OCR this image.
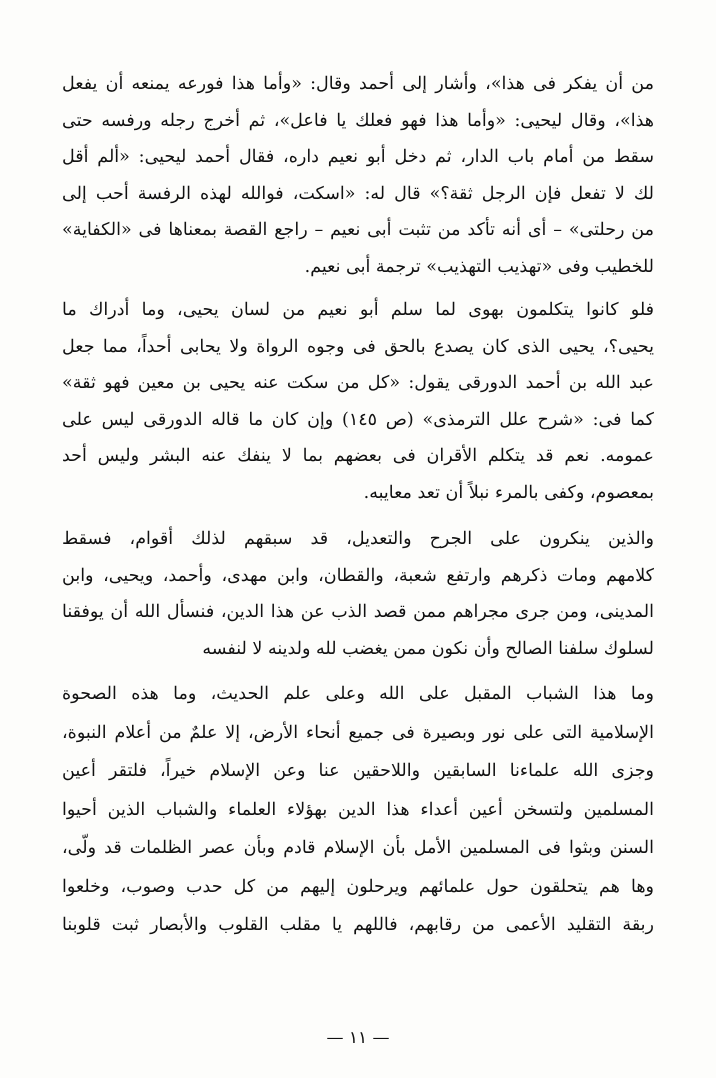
من أن يفكر فى هذا»، وأشار إلى أحمد وقال: «وأما هذا فورعه يمنعه أن يفعل
هذا»، وقال ليحيى: «وأما هذا فهو فعلك يا فاعل»، ثم أخرج رجله ورفسه حتى
سقط من أمام باب الدار، ثم دخل أبو نعيم داره، فقال أحمد ليحيى: «ألم أقل
لك لا تفعل فإن الرجل ثقة؟» قال له: «اسكت، فوالله لهذه الرفسة أحب إلى
من رحلتى» – أى أنه تأكد من تثبت أبى نعيم – راجع القصة بمعناها فى «الكفاية»
للخطيب وفى «تهذيب التهذيب» ترجمة أبى نعيم.
فلو كانوا يتكلمون بهوى لما سلم أبو نعيم من لسان يحيى، وما أدراك ما
يحيى؟، يحيى الذى كان يصدع بالحق فى وجوه الرواة ولا يحابى أحداً، مما جعل
عبد الله بن أحمد الدورقى يقول: «كل من سكت عنه يحيى بن معين فهو ثقة»
كما فى: «شرح علل الترمذى» (ص ١٤٥) وإن كان ما قاله الدورقى ليس على
عمومه. نعم قد يتكلم الأقران فى بعضهم بما لا ينفك عنه البشر وليس أحد
بمعصوم، وكفى بالمرء نبلاً أن تعد معايبه.
والذين ينكرون على الجرح والتعديل، قد سبقهم لذلك أقوام، فسقط
كلامهم ومات ذكرهم وارتفع شعبة، والقطان، وابن مهدى، وأحمد، ويحيى، وابن
المدينى، ومن جرى مجراهم ممن قصد الذب عن هذا الدين، فنسأل الله أن يوفقنا
لسلوك سلفنا الصالح وأن نكون ممن يغضب لله ولدينه لا لنفسه
وما هذا الشباب المقبل على الله وعلى علم الحديث، وما هذه الصحوة
الإسلامية التى على نور وبصيرة فى جميع أنحاء الأرض، إلا علمٌ من أعلام النبوة،
وجزى الله علماءنا السابقين واللاحقين عنا وعن الإسلام خيراً، فلتقر أعين
المسلمين ولتسخن أعين أعداء هذا الدين بهؤلاء العلماء والشباب الذين أحيوا
السنن وبثوا فى المسلمين الأمل بأن الإسلام قادم وبأن عصر الظلمات قد ولّى،
وها هم يتحلقون حول علمائهم ويرحلون إليهم من كل حدب وصوب، وخلعوا
ربقة التقليد الأعمى من رقابهم، فاللهم يا مقلب القلوب والأبصار ثبت قلوبنا
— ١١ —
